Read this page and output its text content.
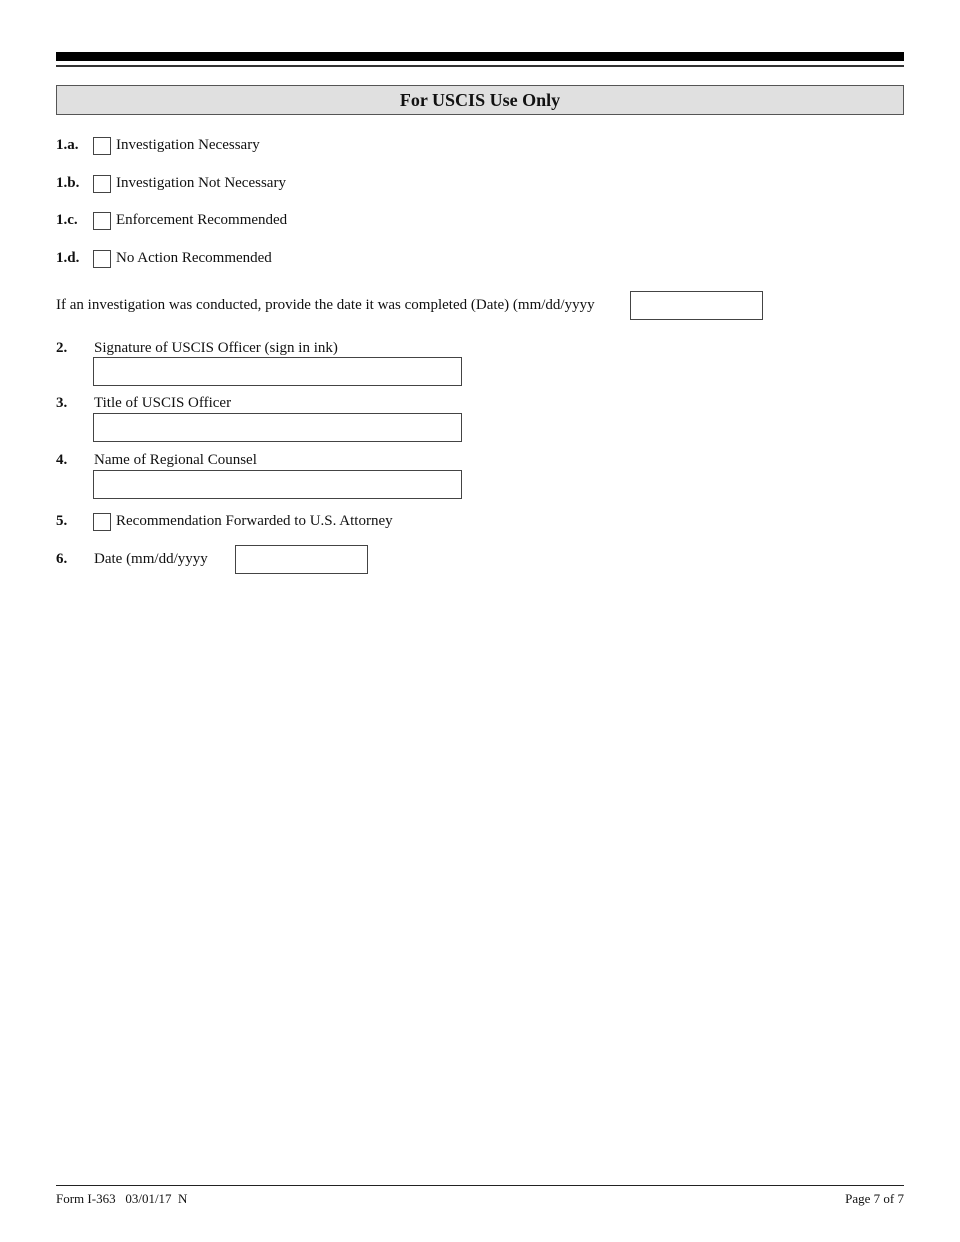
For USCIS Use Only
1.a.	Investigation Necessary
1.b. Investigation Not Necessary
1.c.	Enforcement Recommended
1.d. No Action Recommended
If an investigation was conducted, provide the date it was completed (Date) (mm/dd/yyyy
2. Signature of USCIS Officer (sign in ink)
3. Title of USCIS Officer
4. Name of Regional Counsel
5.	Recommendation Forwarded to U.S. Attorney
6. Date (mm/dd/yyyy
Form I-363   03/01/17  N	Page 7 of 7
